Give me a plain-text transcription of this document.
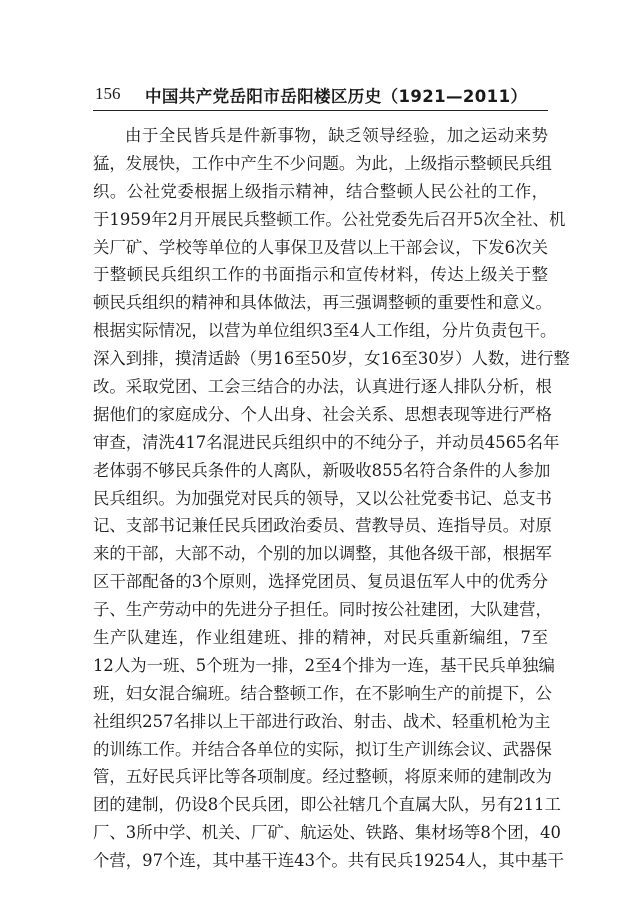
156 中国共产党岳阳市岳阳楼区历史（1921—2011）
由于全民皆兵是件新事物，缺乏领导经验，加之运动来势
猛，发展快，工作中产生不少问题。为此，上级指示整顿民兵组
织。公社党委根据上级指示精神，结合整顿人民公社的工作，
于1959年2月开展民兵整顿工作。公社党委先后召开5次全社、机
关厂矿、学校等单位的人事保卫及营以上干部会议，下发6次关
于整顿民兵组织工作的书面指示和宣传材料，传达上级关于整
顿民兵组织的精神和具体做法，再三强调整顿的重要性和意义。
根据实际情况，以营为单位组织3至4人工作组，分片负责包干。
深入到排，摸清适龄（男16至50岁，女16至30岁）人数，进行整
改。采取党团、工会三结合的办法，认真进行逐人排队分析，根
据他们的家庭成分、个人出身、社会关系、思想表现等进行严格
审查，清洗417名混进民兵组织中的不纯分子，并动员4565名年
老体弱不够民兵条件的人离队，新吸收855名符合条件的人参加
民兵组织。为加强党对民兵的领导，又以公社党委书记、总支书
记、支部书记兼任民兵团政治委员、营教导员、连指导员。对原
来的干部，大部不动，个别的加以调整，其他各级干部，根据军
区干部配备的3个原则，选择党团员、复员退伍军人中的优秀分
子、生产劳动中的先进分子担任。同时按公社建团，大队建营，
生产队建连，作业组建班、排的精神，对民兵重新编组，7至
12人为一班、5个班为一排，2至4个排为一连，基干民兵单独编
班，妇女混合编班。结合整顿工作，在不影响生产的前提下，公
社组织257名排以上干部进行政治、射击、战术、轻重机枪为主
的训练工作。并结合各单位的实际，拟订生产训练会议、武器保
管，五好民兵评比等各项制度。经过整顿，将原来师的建制改为
团的建制，仍设8个民兵团，即公社辖几个直属大队，另有211工
厂、3所中学、机关、厂矿、航运处、铁路、集材场等8个团，40
个营，97个连，其中基干连43个。共有民兵19254人，其中基干
